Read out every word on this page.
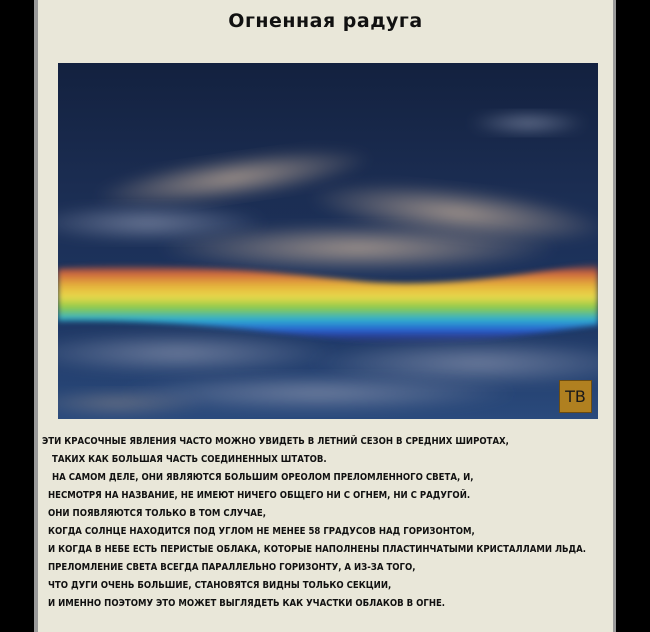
Огненная радуга
ТВ
ЭТИ КРАСОЧНЫЕ ЯВЛЕНИЯ ЧАСТО МОЖНО УВИДЕТЬ В ЛЕТНИЙ СЕЗОН В СРЕДНИХ ШИРОТАХ,
ТАКИХ КАК БОЛЬШАЯ ЧАСТЬ СОЕДИНЕННЫХ ШТАТОВ.
НА САМОМ ДЕЛЕ, ОНИ ЯВЛЯЮТСЯ БОЛЬШИМ ОРЕОЛОМ ПРЕЛОМЛЕННОГО СВЕТА, И,
НЕСМОТРЯ НА НАЗВАНИЕ, НЕ ИМЕЮТ НИЧЕГО ОБЩЕГО НИ С ОГНЕМ, НИ С РАДУГОЙ.
ОНИ ПОЯВЛЯЮТСЯ ТОЛЬКО В ТОМ СЛУЧАЕ,
КОГДА СОЛНЦЕ НАХОДИТСЯ ПОД УГЛОМ НЕ МЕНЕЕ 58 ГРАДУСОВ НАД ГОРИЗОНТОМ,
И КОГДА В НЕБЕ ЕСТЬ ПЕРИСТЫЕ ОБЛАКА, КОТОРЫЕ НАПОЛНЕНЫ ПЛАСТИНЧАТЫМИ КРИСТАЛЛАМИ ЛЬДА.
ПРЕЛОМЛЕНИЕ СВЕТА ВСЕГДА ПАРАЛЛЕЛЬНО ГОРИЗОНТУ, А ИЗ-ЗА ТОГО,
ЧТО ДУГИ ОЧЕНЬ БОЛЬШИЕ, СТАНОВЯТСЯ ВИДНЫ ТОЛЬКО СЕКЦИИ,
И ИМЕННО ПОЭТОМУ ЭТО МОЖЕТ ВЫГЛЯДЕТЬ КАК УЧАСТКИ ОБЛАКОВ В ОГНЕ.
